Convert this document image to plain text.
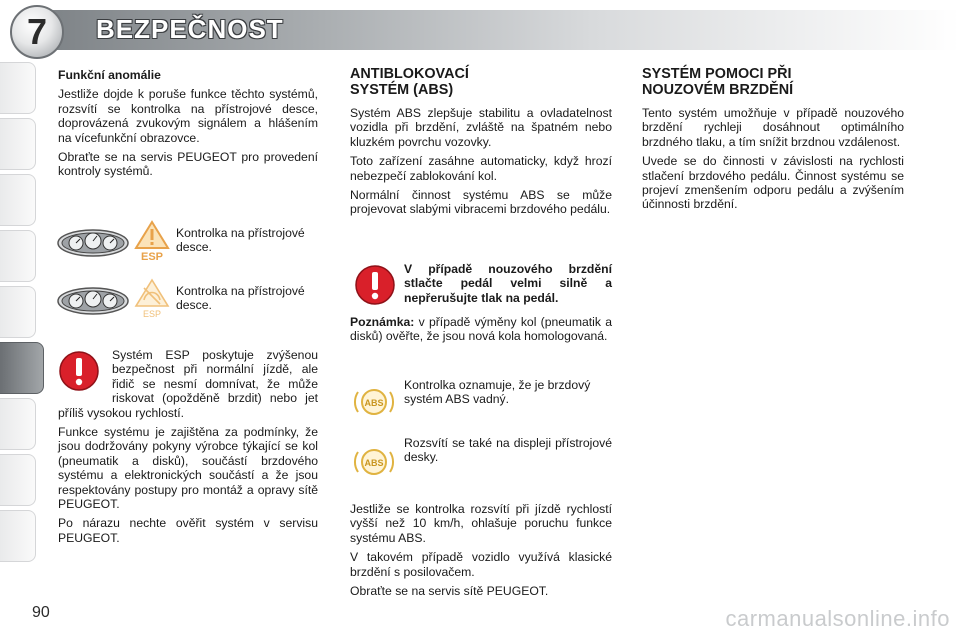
7	BEZPEČNOST
Funkční anomálie

Jestliže dojde k poruše funkce těchto systémů, rozsvítí se kontrolka na přístrojové desce, doprovázená zvukovým signálem a hlášením na vícefunkční obrazovce.

Obraťte se na servis PEUGEOT pro provedení kontroly systémů.

ESP
Kontrolka na přístrojové desce.
ESP
Kontrolka na přístrojové desce.

Systém ESP poskytuje zvýšenou bezpečnost při normální jízdě, ale řidič se nesmí domnívat, že může riskovat (opožděně brzdit) nebo jet příliš vysokou rychlostí.

Funkce systému je zajištěna za podmínky, že jsou dodržovány pokyny výrobce týkající se kol (pneumatik a disků), součástí brzdového systému a elektronických součástí a že jsou respektovány postupy pro montáž a opravy sítě PEUGEOT.

Po nárazu nechte ověřit systém v servisu PEUGEOT.

ANTIBLOKOVACÍ
SYSTÉM (ABS)

Systém ABS zlepšuje stabilitu a ovladatelnost vozidla při brzdění, zvláště na špatném nebo kluzkém povrchu vozovky.

Toto zařízení zasáhne automaticky, když hrozí nebezpečí zablokování kol.

Normální činnost systému ABS se může projevovat slabými vibracemi brzdového pedálu.

V případě nouzového brzdění stlačte pedál velmi silně a nepřerušujte tlak na pedál.

Poznámka: v případě výměny kol (pneumatik a disků) ověřte, že jsou nová kola homologovaná.

ABS
Kontrolka oznamuje, že je brzdový systém ABS vadný.
ABS
Rozsvítí se také na displeji přístrojové desky.

Jestliže se kontrolka rozsvítí při jízdě rychlostí vyšší než 10 km/h, ohlašuje poruchu funkce systému ABS.

V takovém případě vozidlo využívá klasické brzdění s posilovačem.

Obraťte se na servis sítě PEUGEOT.

SYSTÉM POMOCI PŘI
NOUZOVÉM BRZDĚNÍ

Tento systém umožňuje v případě nouzového brzdění rychleji dosáhnout optimálního brzdného tlaku, a tím snížit brzdnou vzdálenost.

Uvede se do činnosti v závislosti na rychlosti stlačení brzdového pedálu. Činnost systému se projeví zmenšením odporu pedálu a zvýšením účinnosti brzdění.

90	carmanualsonline.info
